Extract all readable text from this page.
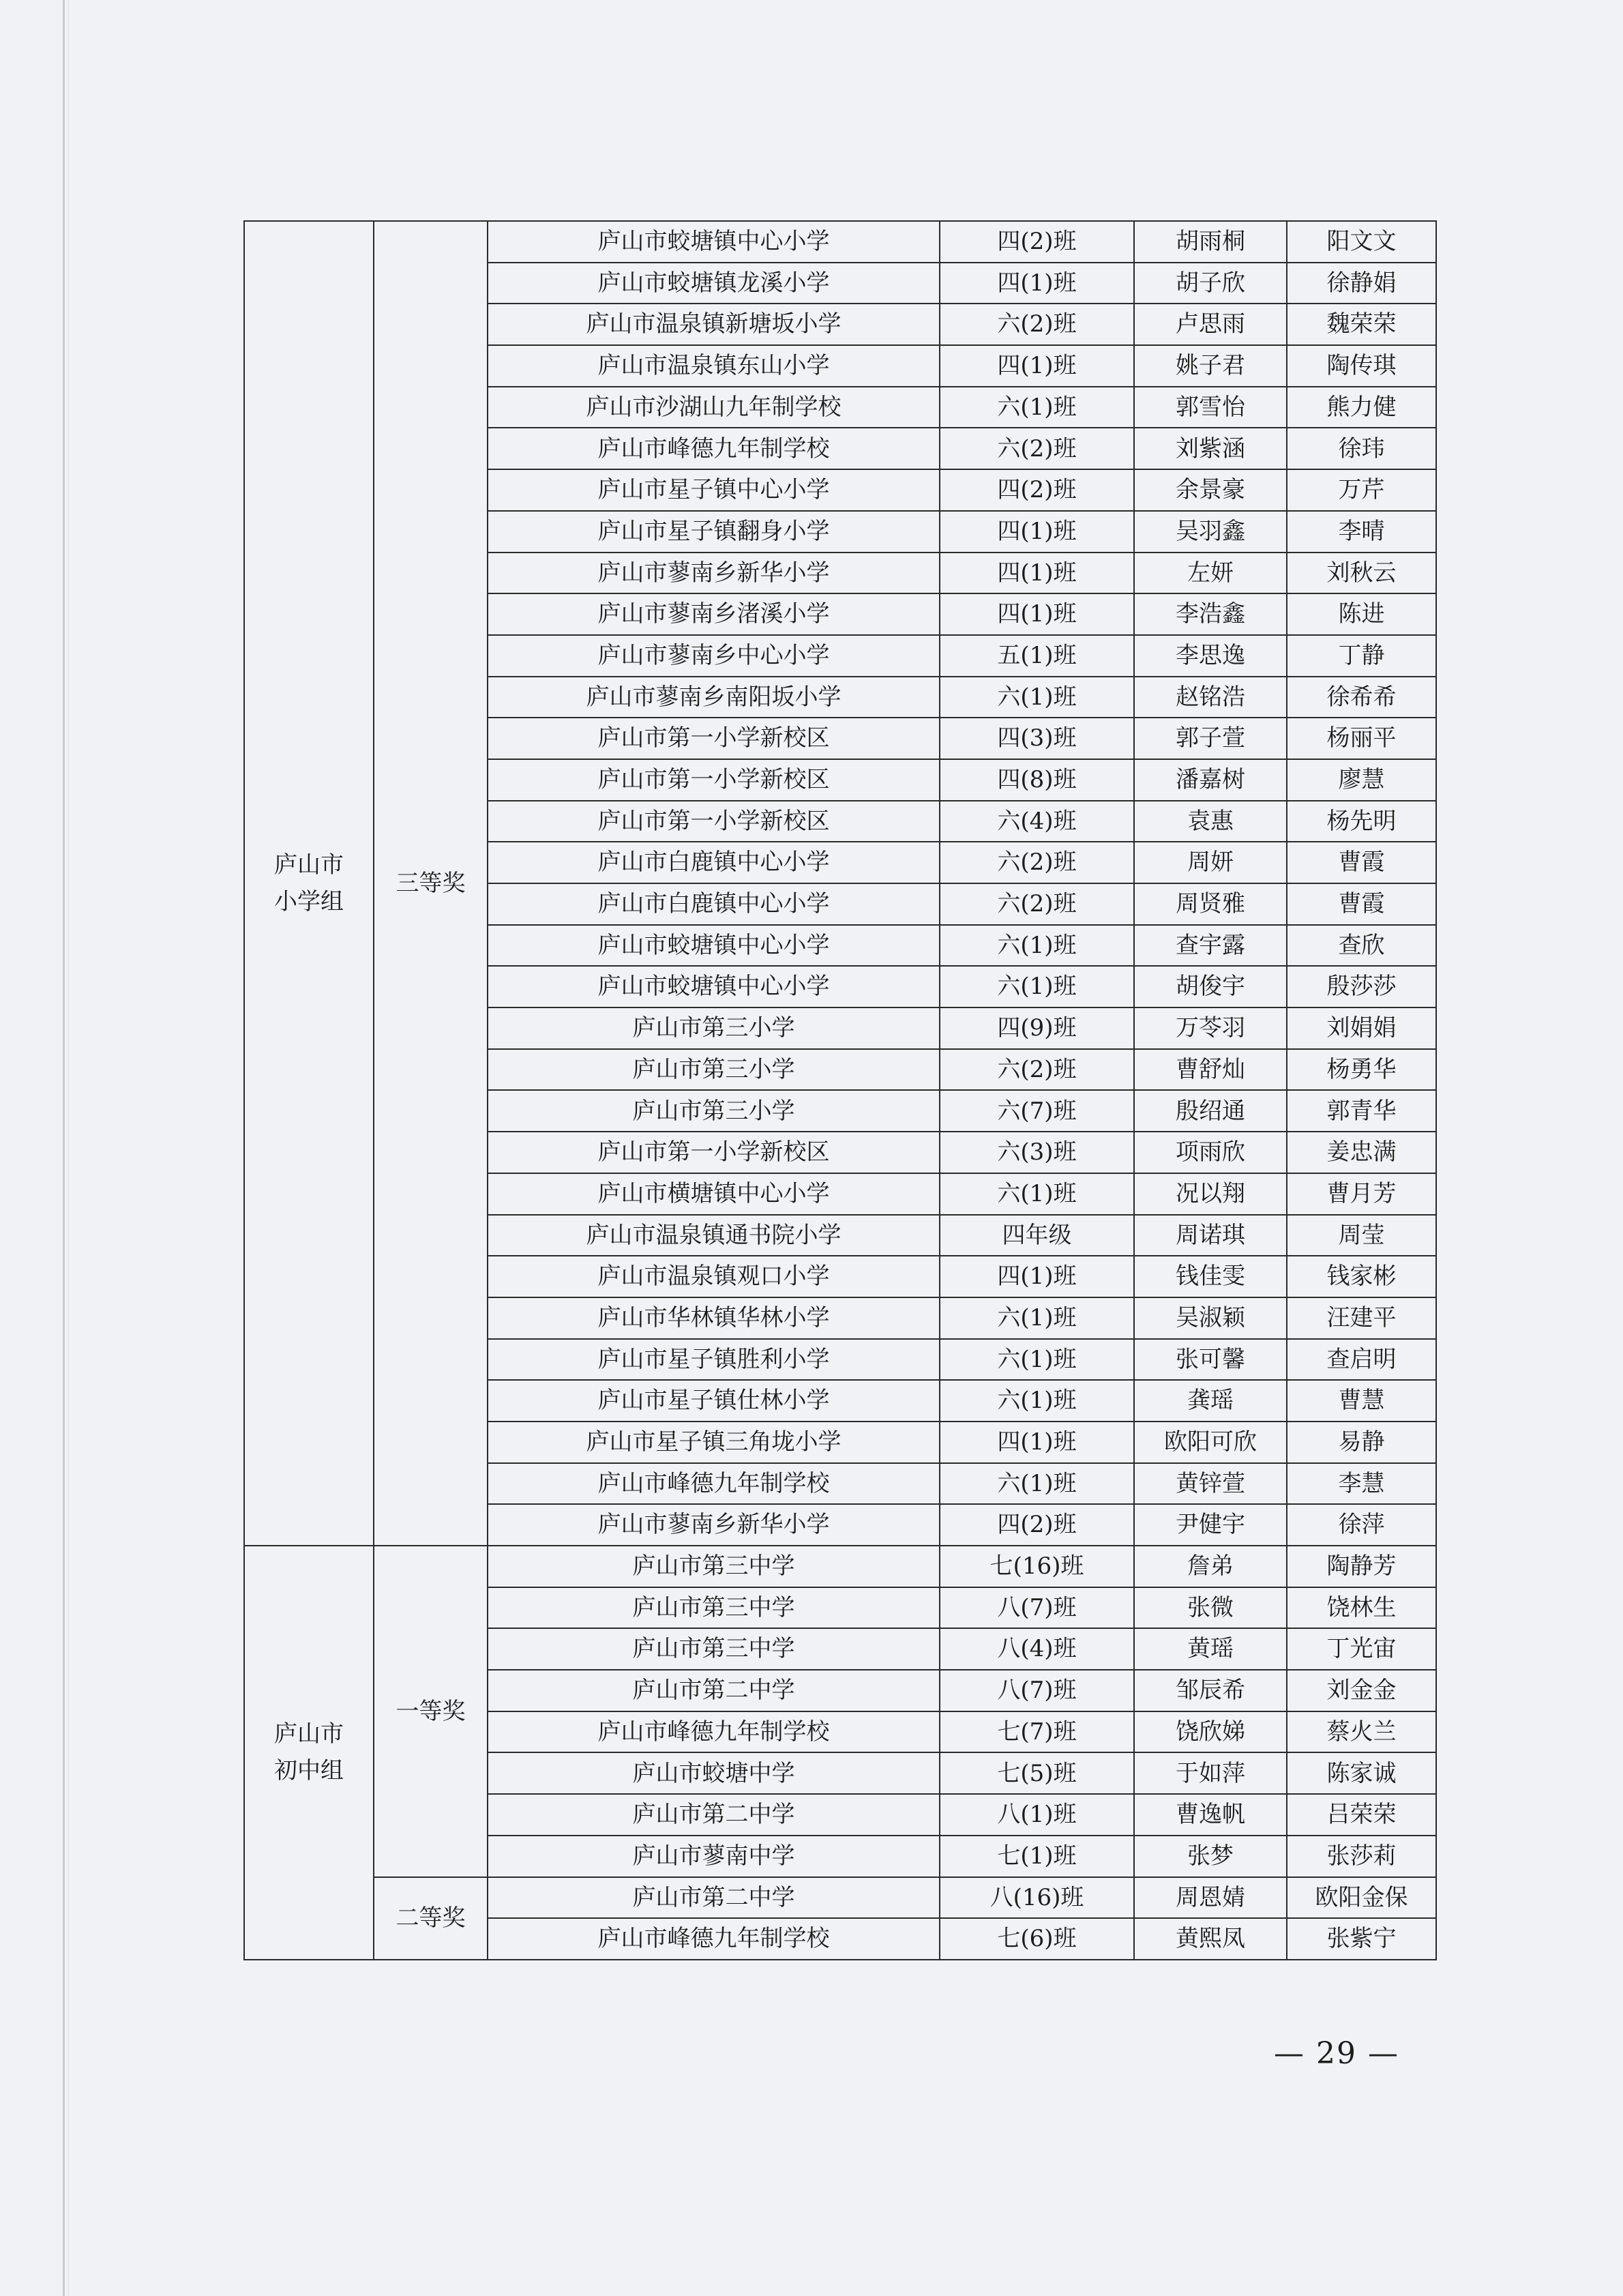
庐山市
小学组	三等奖	庐山市蛟塘镇中心小学	四(2)班	胡雨桐	阳文文
		庐山市蛟塘镇龙溪小学	四(1)班	胡子欣	徐静娟
		庐山市温泉镇新塘坂小学	六(2)班	卢思雨	魏荣荣
		庐山市温泉镇东山小学	四(1)班	姚子君	陶传琪
		庐山市沙湖山九年制学校	六(1)班	郭雪怡	熊力健
		庐山市峰德九年制学校	六(2)班	刘紫涵	徐玮
		庐山市星子镇中心小学	四(2)班	余景豪	万芹
		庐山市星子镇翻身小学	四(1)班	吴羽鑫	李晴
		庐山市蓼南乡新华小学	四(1)班	左妍	刘秋云
		庐山市蓼南乡渚溪小学	四(1)班	李浩鑫	陈进
		庐山市蓼南乡中心小学	五(1)班	李思逸	丁静
		庐山市蓼南乡南阳坂小学	六(1)班	赵铭浩	徐希希
		庐山市第一小学新校区	四(3)班	郭子萱	杨丽平
		庐山市第一小学新校区	四(8)班	潘嘉树	廖慧
		庐山市第一小学新校区	六(4)班	袁惠	杨先明
		庐山市白鹿镇中心小学	六(2)班	周妍	曹霞
		庐山市白鹿镇中心小学	六(2)班	周贤雅	曹霞
		庐山市蛟塘镇中心小学	六(1)班	查宇露	查欣
		庐山市蛟塘镇中心小学	六(1)班	胡俊宇	殷莎莎
		庐山市第三小学	四(9)班	万苓羽	刘娟娟
		庐山市第三小学	六(2)班	曹舒灿	杨勇华
		庐山市第三小学	六(7)班	殷绍通	郭青华
		庐山市第一小学新校区	六(3)班	项雨欣	姜忠满
		庐山市横塘镇中心小学	六(1)班	况以翔	曹月芳
		庐山市温泉镇通书院小学	四年级	周诺琪	周莹
		庐山市温泉镇观口小学	四(1)班	钱佳雯	钱家彬
		庐山市华林镇华林小学	六(1)班	吴淑颖	汪建平
		庐山市星子镇胜利小学	六(1)班	张可馨	查启明
		庐山市星子镇仕林小学	六(1)班	龚瑶	曹慧
		庐山市星子镇三角垅小学	四(1)班	欧阳可欣	易静
		庐山市峰德九年制学校	六(1)班	黄锌萱	李慧
		庐山市蓼南乡新华小学	四(2)班	尹健宇	徐萍

庐山市
初中组	一等奖	庐山市第三中学	七(16)班	詹弟	陶静芳
		庐山市第三中学	八(7)班	张微	饶林生
		庐山市第三中学	八(4)班	黄瑶	丁光宙
		庐山市第二中学	八(7)班	邹辰希	刘金金
		庐山市峰德九年制学校	七(7)班	饶欣娣	蔡火兰
		庐山市蛟塘中学	七(5)班	于如萍	陈家诚
		庐山市第二中学	八(1)班	曹逸帆	吕荣荣
		庐山市蓼南中学	七(1)班	张梦	张莎莉
	二等奖	庐山市第二中学	八(16)班	周恩婧	欧阳金保
		庐山市峰德九年制学校	七(6)班	黄熙凤	张紫宁
— 29 —
